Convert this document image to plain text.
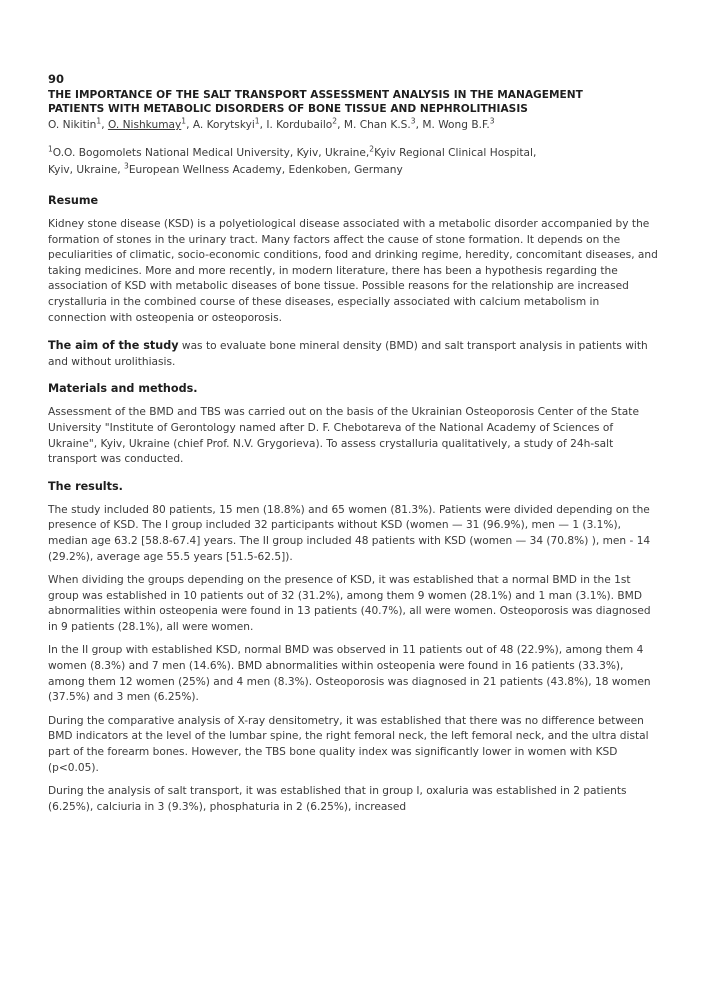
90
THE IMPORTANCE OF THE SALT TRANSPORT ASSESSMENT ANALYSIS IN THE MANAGEMENT
PATIENTS WITH METABOLIC DISORDERS OF BONE TISSUE AND NEPHROLITHIASIS
O. Nikitin$^1$, O. Nishkumay$^1$, A. Korytskyi$^1$, I. Kordubailo$^2$, M. Chan K.S.$^3$, M. Wong B.F.$^3$
$^1$O.O. Bogomolets National Medical University, Kyiv, Ukraine,$^2$Kyiv Regional Clinical Hospital,
Kyiv, Ukraine, $^3$European Wellness Academy, Edenkoben, Germany
Resume
Kidney stone disease (KSD) is a polyetiological disease associated with a metabolic disorder accompanied by the formation of stones in the urinary tract. Many factors affect the cause of stone formation. It depends on the peculiarities of climatic, socio-economic conditions, food and drinking regime, heredity, concomitant diseases, and taking medicines. More and more recently, in modern literature, there has been a hypothesis regarding the association of KSD with metabolic diseases of bone tissue. Possible reasons for the relationship are increased crystalluria in the combined course of these diseases, especially associated with calcium metabolism in connection with osteopenia or osteoporosis.
The aim of the study was to evaluate bone mineral density (BMD) and salt transport analysis in patients with and without urolithiasis.
Materials and methods.
Assessment of the BMD and TBS was carried out on the basis of the Ukrainian Osteoporosis Center of the State University "Institute of Gerontology named after D. F. Chebotareva of the National Academy of Sciences of Ukraine", Kyiv, Ukraine (chief Prof. N.V. Grygorieva). To assess crystalluria qualitatively, a study of 24h-salt transport was conducted.
The results.
The study included 80 patients, 15 men (18.8%) and 65 women (81.3%). Patients were divided depending on the presence of KSD. The I group included 32 participants without KSD (women — 31 (96.9%), men — 1 (3.1%), median age 63.2 [58.8-67.4] years. The II group included 48 patients with KSD (women — 34 (70.8%) ), men - 14 (29.2%), average age 55.5 years [51.5-62.5]).
When dividing the groups depending on the presence of KSD, it was established that a normal BMD in the 1st group was established in 10 patients out of 32 (31.2%), among them 9 women (28.1%) and 1 man (3.1%). BMD abnormalities within osteopenia were found in 13 patients (40.7%), all were women. Osteoporosis was diagnosed in 9 patients (28.1%), all were women.
In the II group with established KSD, normal BMD was observed in 11 patients out of 48 (22.9%), among them 4 women (8.3%) and 7 men (14.6%). BMD abnormalities within osteopenia were found in 16 patients (33.3%), among them 12 women (25%) and 4 men (8.3%). Osteoporosis was diagnosed in 21 patients (43.8%), 18 women (37.5%) and 3 men (6.25%).
During the comparative analysis of X-ray densitometry, it was established that there was no difference between BMD indicators at the level of the lumbar spine, the right femoral neck, the left femoral neck, and the ultra distal part of the forearm bones. However, the TBS bone quality index was significantly lower in women with KSD (p<0.05).
During the analysis of salt transport, it was established that in group I, oxaluria was established in 2 patients (6.25%), calciuria in 3 (9.3%), phosphaturia in 2 (6.25%), increased
